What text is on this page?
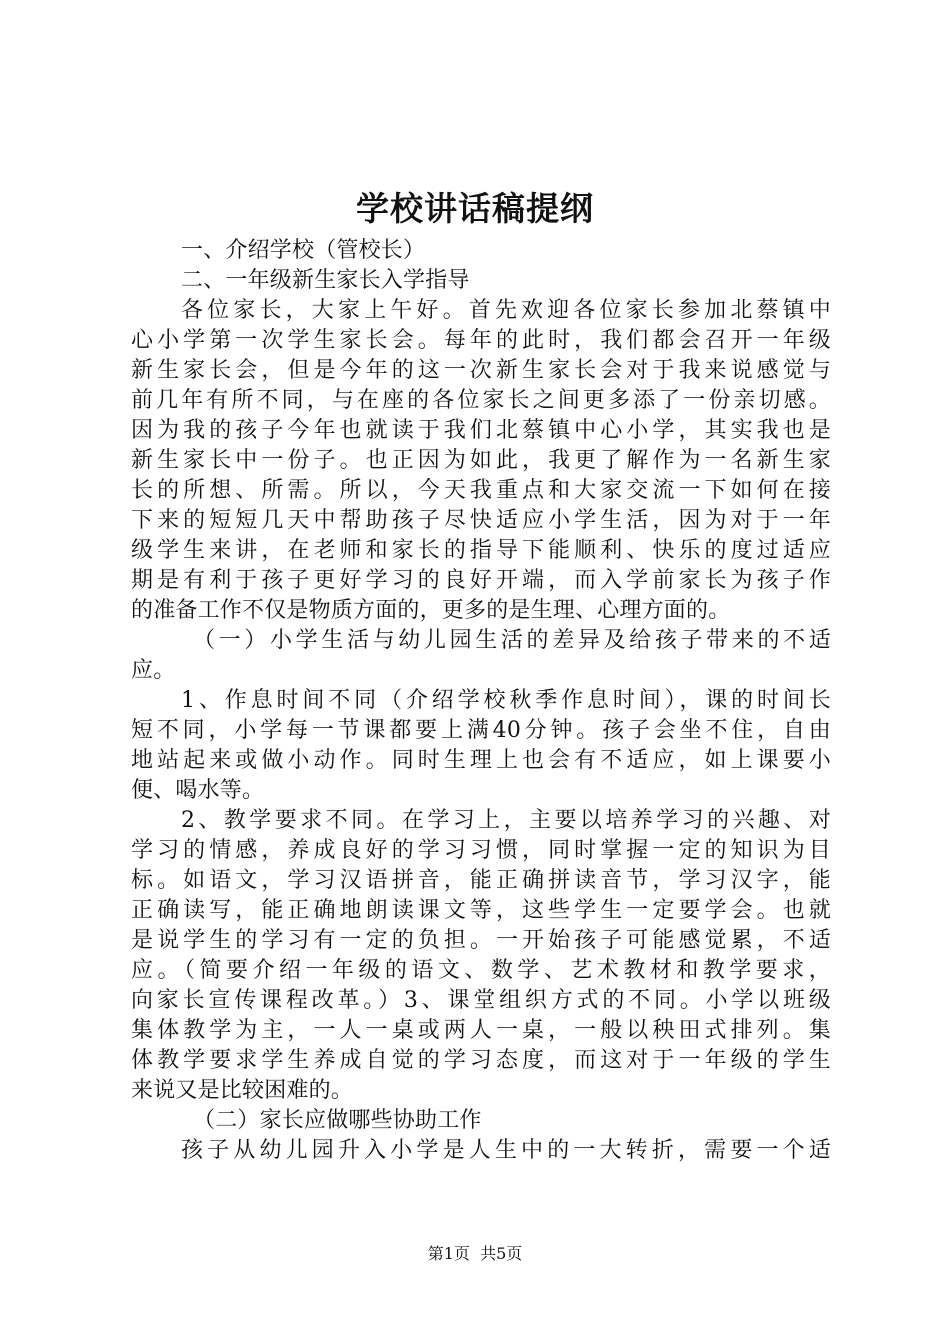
学校讲话稿提纲
一、介绍学校（管校长）
二、一年级新生家长入学指导
各位家长，大家上午好。首先欢迎各位家长参加北蔡镇中
心小学第一次学生家长会。每年的此时，我们都会召开一年级
新生家长会，但是今年的这一次新生家长会对于我来说感觉与
前几年有所不同，与在座的各位家长之间更多添了一份亲切感。
因为我的孩子今年也就读于我们北蔡镇中心小学，其实我也是
新生家长中一份子。也正因为如此，我更了解作为一名新生家
长的所想、所需。所以，今天我重点和大家交流一下如何在接
下来的短短几天中帮助孩子尽快适应小学生活，因为对于一年
级学生来讲，在老师和家长的指导下能顺利、快乐的度过适应
期是有利于孩子更好学习的良好开端，而入学前家长为孩子作
的准备工作不仅是物质方面的，更多的是生理、心理方面的。
（一）小学生活与幼儿园生活的差异及给孩子带来的不适
应。
1、作息时间不同（介绍学校秋季作息时间），课的时间长
短不同，小学每一节课都要上满40分钟。孩子会坐不住，自由
地站起来或做小动作。同时生理上也会有不适应，如上课要小
便、喝水等。
2、教学要求不同。在学习上，主要以培养学习的兴趣、对
学习的情感，养成良好的学习习惯，同时掌握一定的知识为目
标。如语文，学习汉语拼音，能正确拼读音节，学习汉字，能
正确读写，能正确地朗读课文等，这些学生一定要学会。也就
是说学生的学习有一定的负担。一开始孩子可能感觉累，不适
应。（简要介绍一年级的语文、数学、艺术教材和教学要求，
向家长宣传课程改革。）3、课堂组织方式的不同。小学以班级
集体教学为主，一人一桌或两人一桌，一般以秧田式排列。集
体教学要求学生养成自觉的学习态度，而这对于一年级的学生
来说又是比较困难的。
（二）家长应做哪些协助工作
孩子从幼儿园升入小学是人生中的一大转折，需要一个适
第1页  共5页
